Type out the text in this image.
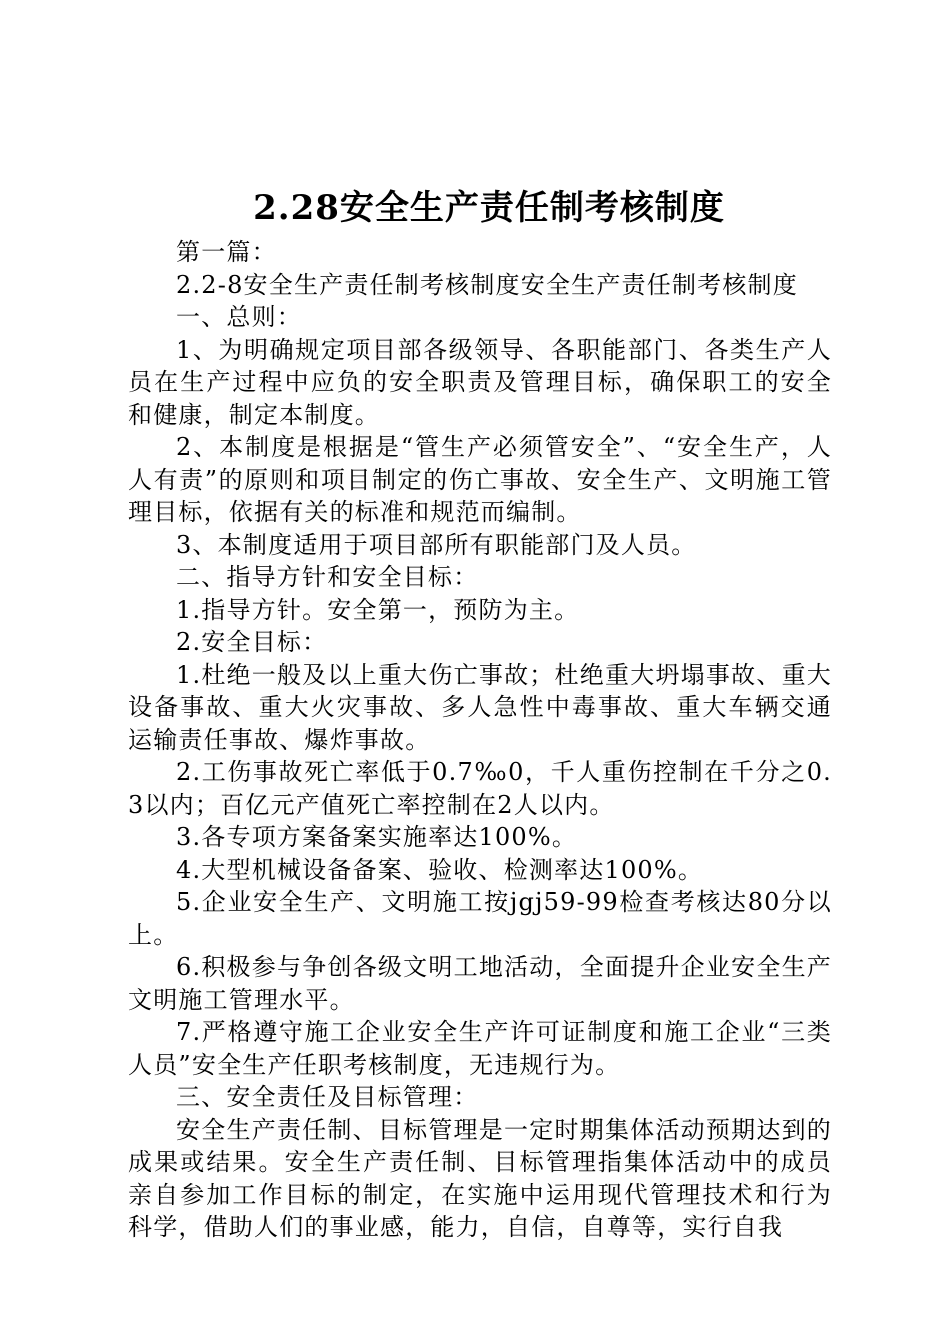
2.28安全生产责任制考核制度

第一篇：

2.2-8安全生产责任制考核制度安全生产责任制考核制度

一、总则：

1、为明确规定项目部各级领导、各职能部门、各类生产人员在生产过程中应负的安全职责及管理目标，确保职工的安全和健康，制定本制度。

2、本制度是根据是“管生产必须管安全”、“安全生产，人人有责”的原则和项目制定的伤亡事故、安全生产、文明施工管理目标，依据有关的标准和规范而编制。

3、本制度适用于项目部所有职能部门及人员。

二、指导方针和安全目标：

1.指导方针。安全第一，预防为主。

2.安全目标：

1.杜绝一般及以上重大伤亡事故；杜绝重大坍塌事故、重大设备事故、重大火灾事故、多人急性中毒事故、重大车辆交通运输责任事故、爆炸事故。

2.工伤事故死亡率低于0.7‰0，千人重伤控制在千分之0.3以内；百亿元产值死亡率控制在2人以内。

3.各专项方案备案实施率达100%。

4.大型机械设备备案、验收、检测率达100%。

5.企业安全生产、文明施工按jgj59-99检查考核达80分以上。

6.积极参与争创各级文明工地活动，全面提升企业安全生产文明施工管理水平。

7.严格遵守施工企业安全生产许可证制度和施工企业“三类人员”安全生产任职考核制度，无违规行为。

三、安全责任及目标管理：

安全生产责任制、目标管理是一定时期集体活动预期达到的成果或结果。安全生产责任制、目标管理指集体活动中的成员亲自参加工作目标的制定，在实施中运用现代管理技术和行为科学，借助人们的事业感，能力，自信，自尊等，实行自我
